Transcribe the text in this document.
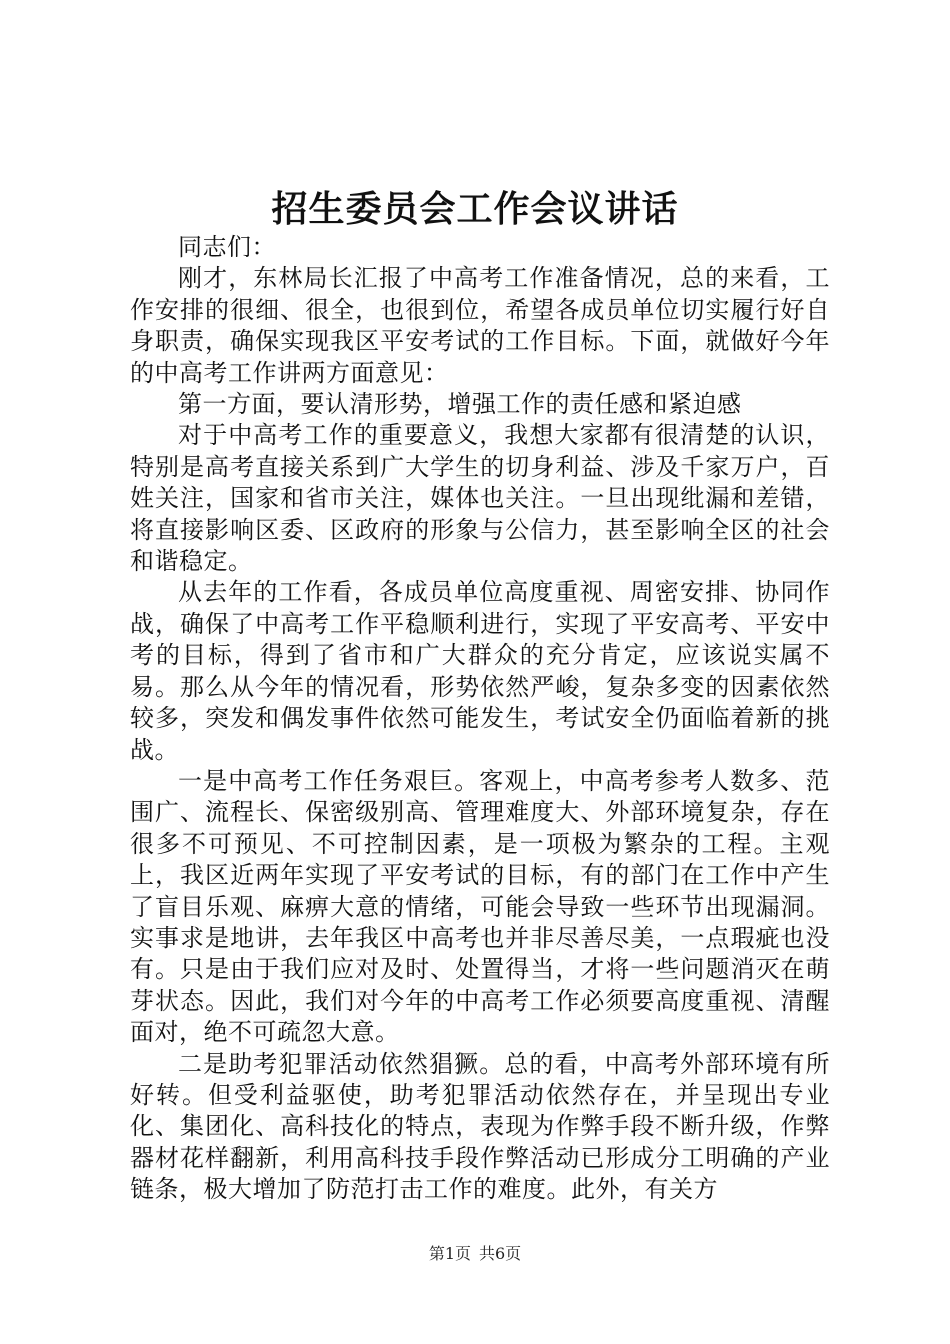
招生委员会工作会议讲话

同志们：

刚才，东林局长汇报了中高考工作准备情况，总的来看，工作安排的很细、很全，也很到位，希望各成员单位切实履行好自身职责，确保实现我区平安考试的工作目标。下面，就做好今年的中高考工作讲两方面意见：

第一方面，要认清形势，增强工作的责任感和紧迫感

对于中高考工作的重要意义，我想大家都有很清楚的认识，特别是高考直接关系到广大学生的切身利益、涉及千家万户，百姓关注，国家和省市关注，媒体也关注。一旦出现纰漏和差错，将直接影响区委、区政府的形象与公信力，甚至影响全区的社会和谐稳定。

从去年的工作看，各成员单位高度重视、周密安排、协同作战，确保了中高考工作平稳顺利进行，实现了平安高考、平安中考的目标，得到了省市和广大群众的充分肯定，应该说实属不易。那么从今年的情况看，形势依然严峻，复杂多变的因素依然较多，突发和偶发事件依然可能发生，考试安全仍面临着新的挑战。

一是中高考工作任务艰巨。客观上，中高考参考人数多、范围广、流程长、保密级别高、管理难度大、外部环境复杂，存在很多不可预见、不可控制因素，是一项极为繁杂的工程。主观上，我区近两年实现了平安考试的目标，有的部门在工作中产生了盲目乐观、麻痹大意的情绪，可能会导致一些环节出现漏洞。实事求是地讲，去年我区中高考也并非尽善尽美，一点瑕疵也没有。只是由于我们应对及时、处置得当，才将一些问题消灭在萌芽状态。因此，我们对今年的中高考工作必须要高度重视、清醒面对，绝不可疏忽大意。

二是助考犯罪活动依然猖獗。总的看，中高考外部环境有所好转。但受利益驱使，助考犯罪活动依然存在，并呈现出专业化、集团化、高科技化的特点，表现为作弊手段不断升级，作弊器材花样翻新，利用高科技手段作弊活动已形成分工明确的产业链条，极大增加了防范打击工作的难度。此外，有关方

第1页 共6页
